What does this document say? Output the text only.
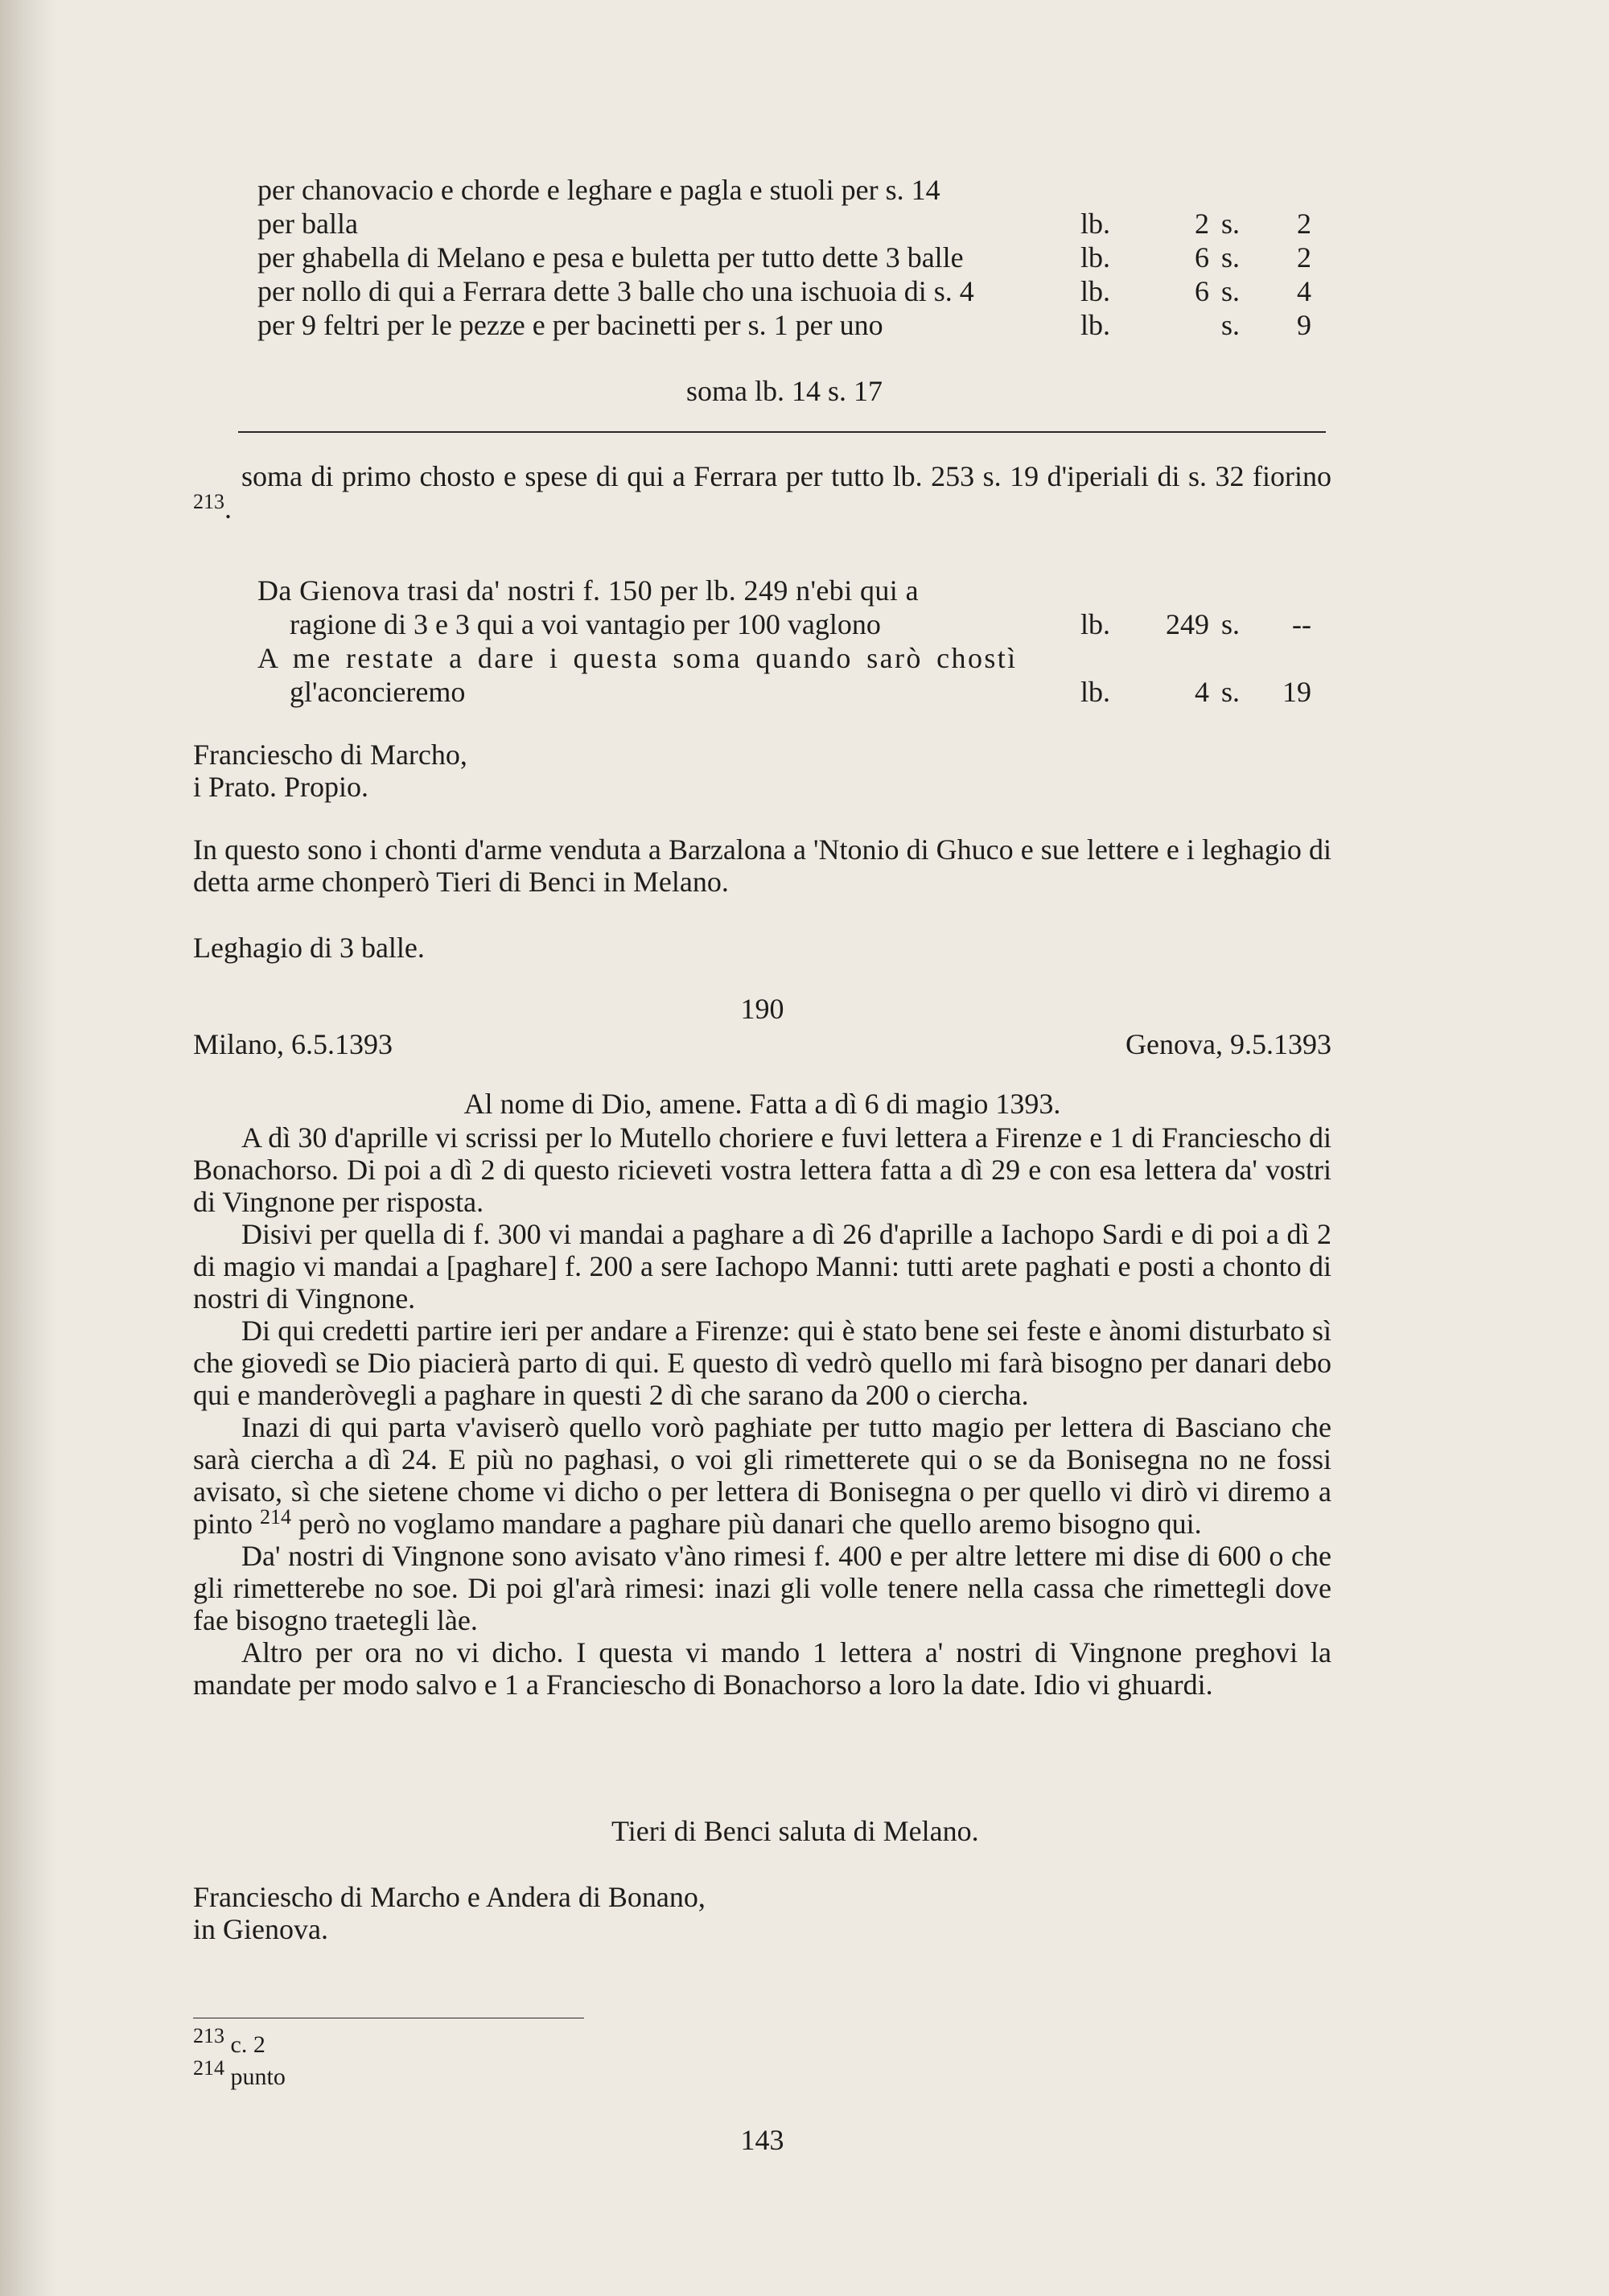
per chanovacio e chorde e leghare e pagla e stuoli per s. 14
per balla	lb.	2 s.	2
per ghabella di Melano e pesa e buletta per tutto dette 3 balle	lb.	6 s.	2
per nollo di qui a Ferrara dette 3 balle cho una ischuoia di s. 4	lb.	6 s.	4
per 9 feltri per le pezze e per bacinetti per s. 1 per uno	lb.	s.	9
soma lb. 14 s. 17

soma di primo chosto e spese di qui a Ferrara per tutto lb. 253 s. 19 d'iperiali di s. 32 fiorino $^{213}$.

Da Gienova trasi da' nostri f. 150 per lb. 249 n'ebi qui a
ragione di 3 e 3 qui a voi vantagio per 100 vaglono	lb.	249 s.	--
A me restate a dare i questa soma quando sarò chostì
gl'aconcieremo	lb.	4 s.	19
Franciescho di Marcho,
i Prato. Propio.

In questo sono i chonti d'arme venduta a Barzalona a 'Ntonio di Ghuco e sue lettere e i leghagio di detta arme chonperò Tieri di Benci in Melano.

Leghagio di 3 balle.
190
Milano, 6.5.1393	Genova, 9.5.1393
Al nome di Dio, amene. Fatta a dì 6 di magio 1393.

A dì 30 d'aprille vi scrissi per lo Mutello choriere e fuvi lettera a Firenze e 1 di Franciescho di Bonachorso. Di poi a dì 2 di questo ricieveti vostra lettera fatta a dì 29 e con esa lettera da' vostri di Vingnone per risposta.

Disivi per quella di f. 300 vi mandai a paghare a dì 26 d'aprille a Iachopo Sardi e di poi a dì 2 di magio vi mandai a [paghare] f. 200 a sere Iachopo Manni: tutti arete paghati e posti a chonto di nostri di Vingnone.

Di qui credetti partire ieri per andare a Firenze: qui è stato bene sei feste e ànomi disturbato sì che giovedì se Dio piacierà parto di qui. E questo dì vedrò quello mi farà bisogno per danari debo qui e manderòvegli a paghare in questi 2 dì che sarano da 200 o ciercha.

Inazi di qui parta v'aviserò quello vorò paghiate per tutto magio per lettera di Basciano che sarà ciercha a dì 24. E più no paghasi, o voi gli rimetterete qui o se da Bonisegna no ne fossi avisato, sì che sietene chome vi dicho o per lettera di Bonisegna o per quello vi dirò vi diremo a pinto $^{214}$ però no voglamo mandare a paghare più danari che quello aremo bisogno qui.

Da' nostri di Vingnone sono avisato v'àno rimesi f. 400 e per altre lettere mi dise di 600 o che gli rimetterebe no soe. Di poi gl'arà rimesi: inazi gli volle tenere nella cassa che rimettegli dove fae bisogno traetegli làe.

Altro per ora no vi dicho. I questa vi mando 1 lettera a' nostri di Vingnone preghovi la mandate per modo salvo e 1 a Franciescho di Bonachorso a loro la date. Idio vi ghuardi.

Tieri di Benci saluta di Melano.
Franciescho di Marcho e Andera di Bonano,
in Gienova.
$^{213}$ c. 2
$^{214}$ punto
143
